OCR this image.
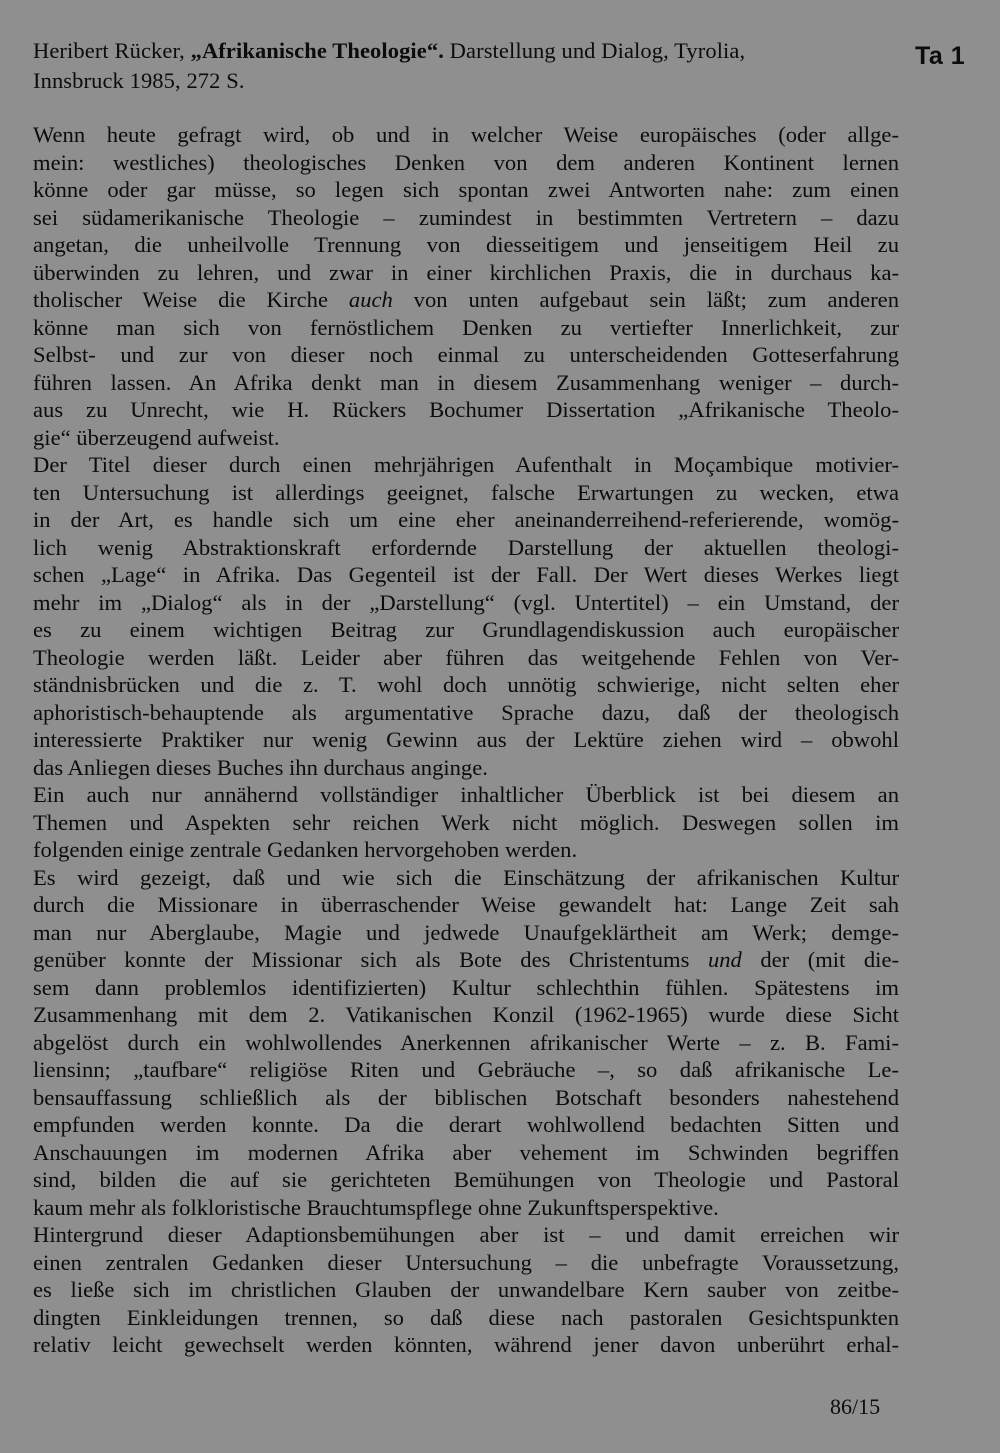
Heribert Rücker, „Afrikanische Theologie“. Darstellung und Dialog, Tyrolia,
Innsbruck 1985, 272 S.
Ta 1
Wenn heute gefragt wird, ob und in welcher Weise europäisches (oder allge-
mein: westliches) theologisches Denken von dem anderen Kontinent lernen
könne oder gar müsse, so legen sich spontan zwei Antworten nahe: zum einen
sei südamerikanische Theologie – zumindest in bestimmten Vertretern – dazu
angetan, die unheilvolle Trennung von diesseitigem und jenseitigem Heil zu
überwinden zu lehren, und zwar in einer kirchlichen Praxis, die in durchaus ka-
tholischer Weise die Kirche auch von unten aufgebaut sein läßt; zum anderen
könne man sich von fernöstlichem Denken zu vertiefter Innerlichkeit, zur
Selbst- und zur von dieser noch einmal zu unterscheidenden Gotteserfahrung
führen lassen. An Afrika denkt man in diesem Zusammenhang weniger – durch-
aus zu Unrecht, wie H. Rückers Bochumer Dissertation „Afrikanische Theolo-
gie“ überzeugend aufweist.
Der Titel dieser durch einen mehrjährigen Aufenthalt in Moçambique motivier-
ten Untersuchung ist allerdings geeignet, falsche Erwartungen zu wecken, etwa
in der Art, es handle sich um eine eher aneinanderreihend-referierende, womög-
lich wenig Abstraktionskraft erfordernde Darstellung der aktuellen theologi-
schen „Lage“ in Afrika. Das Gegenteil ist der Fall. Der Wert dieses Werkes liegt
mehr im „Dialog“ als in der „Darstellung“ (vgl. Untertitel) – ein Umstand, der
es zu einem wichtigen Beitrag zur Grundlagendiskussion auch europäischer
Theologie werden läßt. Leider aber führen das weitgehende Fehlen von Ver-
ständnisbrücken und die z. T. wohl doch unnötig schwierige, nicht selten eher
aphoristisch-behauptende als argumentative Sprache dazu, daß der theologisch
interessierte Praktiker nur wenig Gewinn aus der Lektüre ziehen wird – obwohl
das Anliegen dieses Buches ihn durchaus anginge.
Ein auch nur annähernd vollständiger inhaltlicher Überblick ist bei diesem an
Themen und Aspekten sehr reichen Werk nicht möglich. Deswegen sollen im
folgenden einige zentrale Gedanken hervorgehoben werden.
Es wird gezeigt, daß und wie sich die Einschätzung der afrikanischen Kultur
durch die Missionare in überraschender Weise gewandelt hat: Lange Zeit sah
man nur Aberglaube, Magie und jedwede Unaufgeklärtheit am Werk; demge-
genüber konnte der Missionar sich als Bote des Christentums und der (mit die-
sem dann problemlos identifizierten) Kultur schlechthin fühlen. Spätestens im
Zusammenhang mit dem 2. Vatikanischen Konzil (1962-1965) wurde diese Sicht
abgelöst durch ein wohlwollendes Anerkennen afrikanischer Werte – z. B. Fami-
liensinn; „taufbare“ religiöse Riten und Gebräuche –, so daß afrikanische Le-
bensauffassung schließlich als der biblischen Botschaft besonders nahestehend
empfunden werden konnte. Da die derart wohlwollend bedachten Sitten und
Anschauungen im modernen Afrika aber vehement im Schwinden begriffen
sind, bilden die auf sie gerichteten Bemühungen von Theologie und Pastoral
kaum mehr als folkloristische Brauchtumspflege ohne Zukunftsperspektive.
Hintergrund dieser Adaptionsbemühungen aber ist – und damit erreichen wir
einen zentralen Gedanken dieser Untersuchung – die unbefragte Voraussetzung,
es ließe sich im christlichen Glauben der unwandelbare Kern sauber von zeitbe-
dingten Einkleidungen trennen, so daß diese nach pastoralen Gesichtspunkten
relativ leicht gewechselt werden könnten, während jener davon unberührt erhal-
86/15
